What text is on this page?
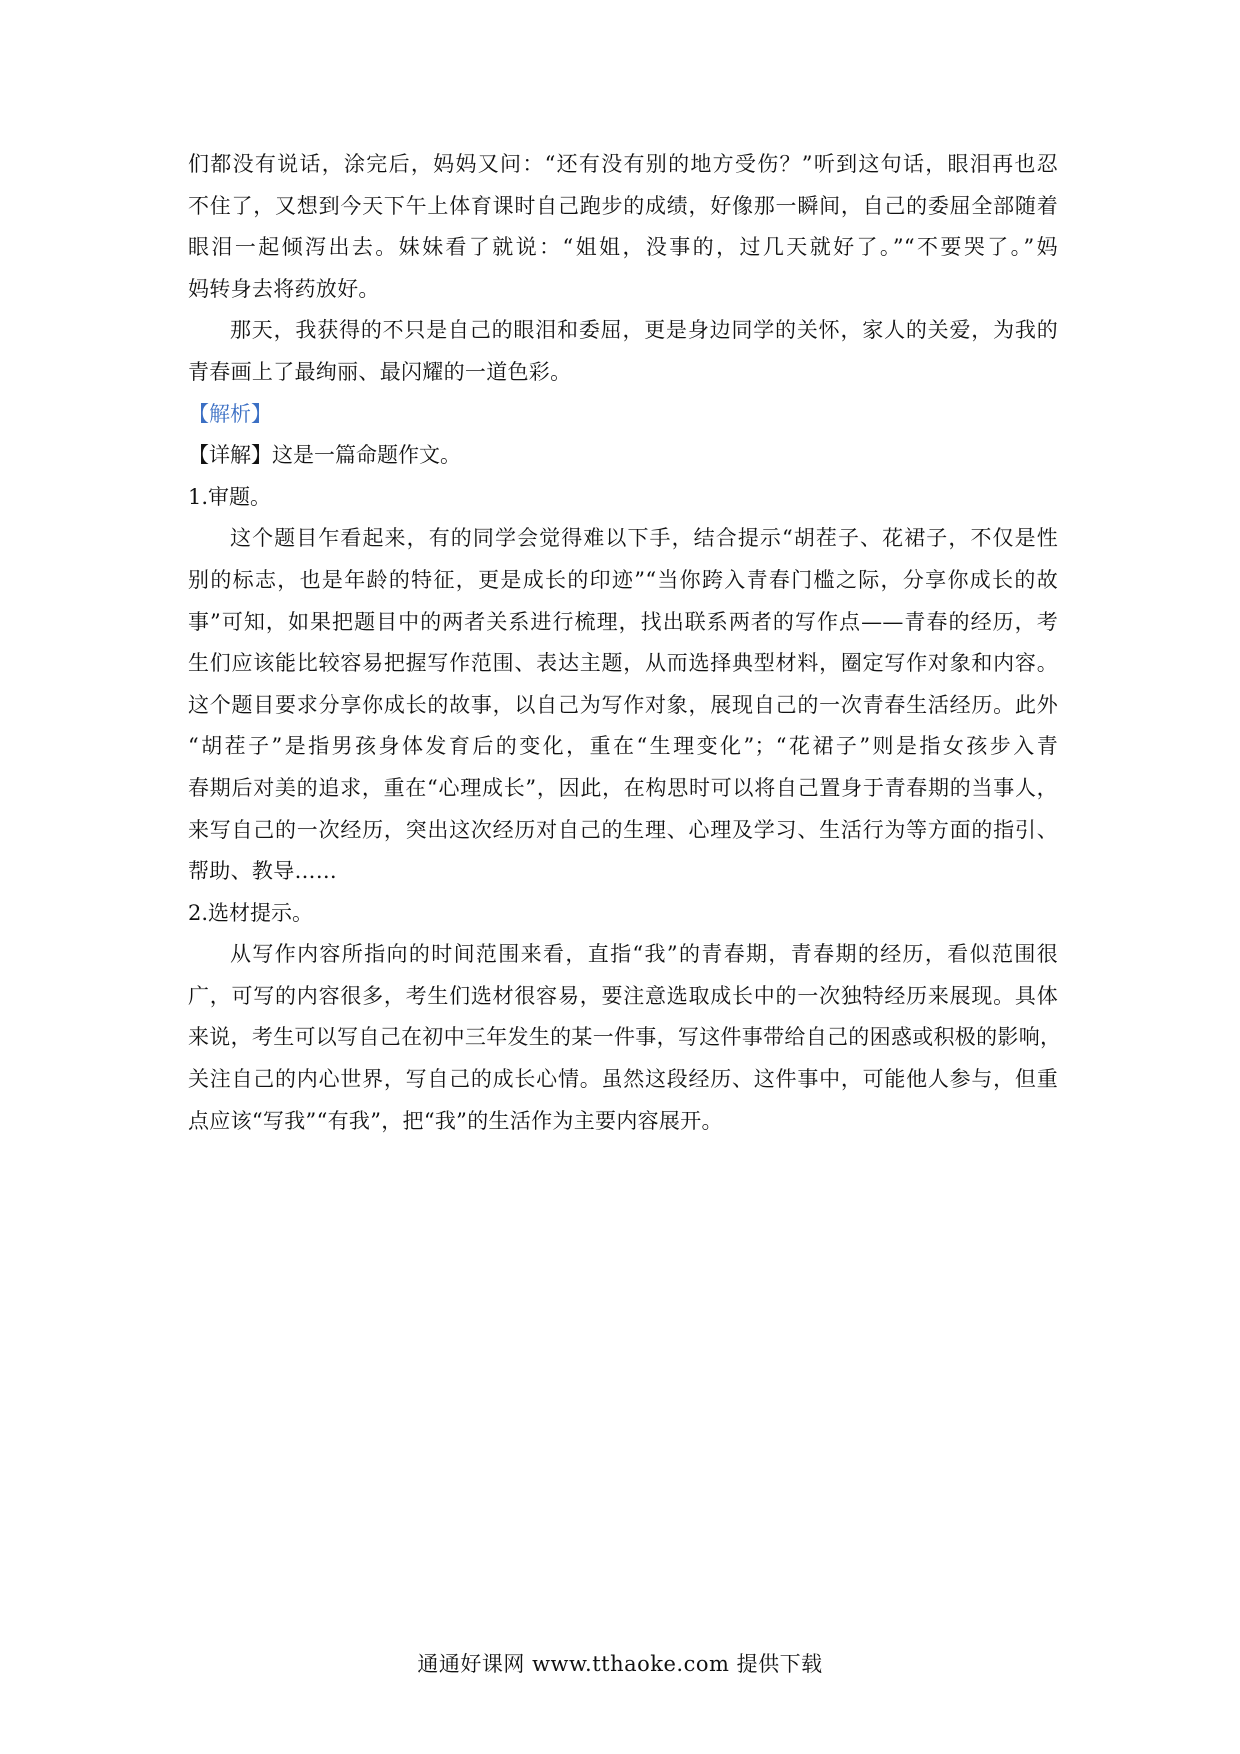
们都没有说话，涂完后，妈妈又问：“还有没有别的地方受伤？”听到这句话，眼泪再也忍
不住了，又想到今天下午上体育课时自己跑步的成绩，好像那一瞬间，自己的委屈全部随着
眼泪一起倾泻出去。妹妹看了就说：“姐姐，没事的，过几天就好了。”“不要哭了。”妈
妈转身去将药放好。
那天，我获得的不只是自己的眼泪和委屈，更是身边同学的关怀，家人的关爱，为我的
青春画上了最绚丽、最闪耀的一道色彩。
【解析】
【详解】这是一篇命题作文。
1.审题。
这个题目乍看起来，有的同学会觉得难以下手，结合提示“胡茬子、花裙子，不仅是性
别的标志，也是年龄的特征，更是成长的印迹”“当你跨入青春门槛之际，分享你成长的故
事”可知，如果把题目中的两者关系进行梳理，找出联系两者的写作点——青春的经历，考
生们应该能比较容易把握写作范围、表达主题，从而选择典型材料，圈定写作对象和内容。
这个题目要求分享你成长的故事，以自己为写作对象，展现自己的一次青春生活经历。此外
“胡茬子”是指男孩身体发育后的变化，重在“生理变化”；“花裙子”则是指女孩步入青
春期后对美的追求，重在“心理成长”，因此，在构思时可以将自己置身于青春期的当事人，
来写自己的一次经历，突出这次经历对自己的生理、心理及学习、生活行为等方面的指引、
帮助、教导……
2.选材提示。
从写作内容所指向的时间范围来看，直指“我”的青春期，青春期的经历，看似范围很
广，可写的内容很多，考生们选材很容易，要注意选取成长中的一次独特经历来展现。具体
来说，考生可以写自己在初中三年发生的某一件事，写这件事带给自己的困惑或积极的影响，
关注自己的内心世界，写自己的成长心情。虽然这段经历、这件事中，可能他人参与，但重
点应该“写我”“有我”，把“我”的生活作为主要内容展开。
通通好课网 www.tthaoke.com 提供下载
